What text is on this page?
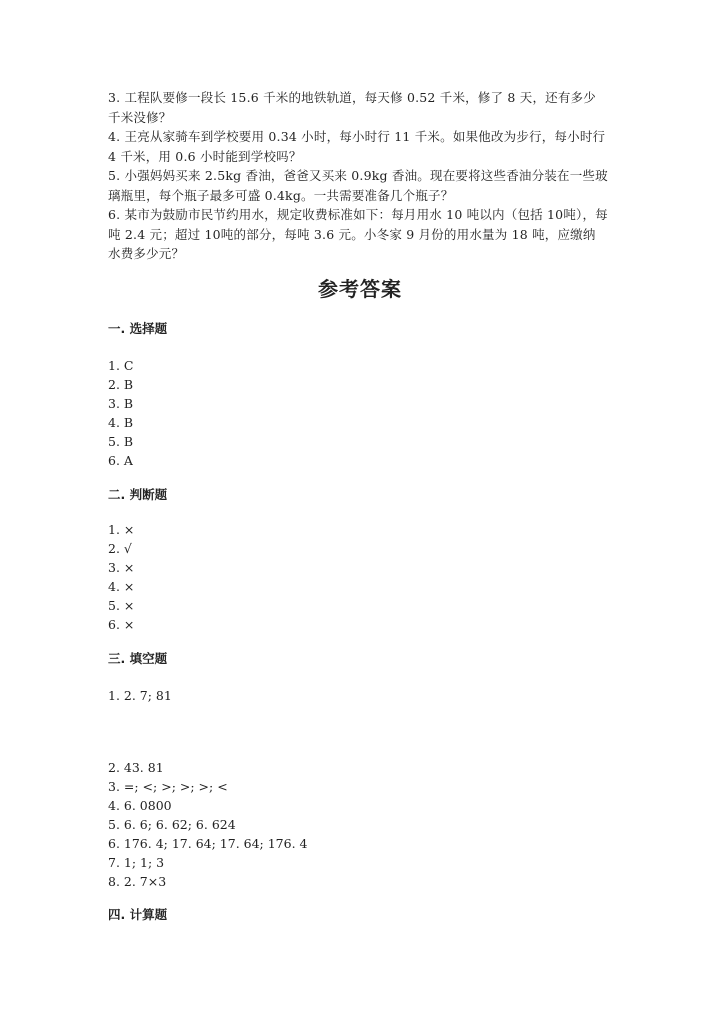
3. 工程队要修一段长 15.6 千米的地铁轨道，每天修 0.52 千米，修了 8 天，还有多少千米没修？

4. 王亮从家骑车到学校要用 0.34 小时，每小时行 11 千米。如果他改为步行，每小时行 4 千米，用 0.6 小时能到学校吗？

5. 小强妈妈买来 2.5kg 香油，爸爸又买来 0.9kg 香油。现在要将这些香油分装在一些玻璃瓶里，每个瓶子最多可盛 0.4kg。一共需要准备几个瓶子？

6. 某市为鼓励市民节约用水，规定收费标准如下：每月用水 10 吨以内（包括 10吨），每吨 2.4 元；超过 10吨的部分，每吨 3.6 元。小冬家 9 月份的用水量为 18 吨，应缴纳水费多少元？

参考答案
一. 选择题
1. C
2. B
3. B
4. B
5. B
6. A
二. 判断题
1. ×
2. √
3. ×
4. ×
5. ×
6. ×
三. 填空题
1. 2. 7; 81
2. 43. 81
3. =; <; >; >; >; <
4. 6. 0800
5. 6. 6; 6. 62; 6. 624
6. 176. 4; 17. 64; 17. 64; 176. 4
7. 1; 1; 3
8. 2. 7×3
四. 计算题
